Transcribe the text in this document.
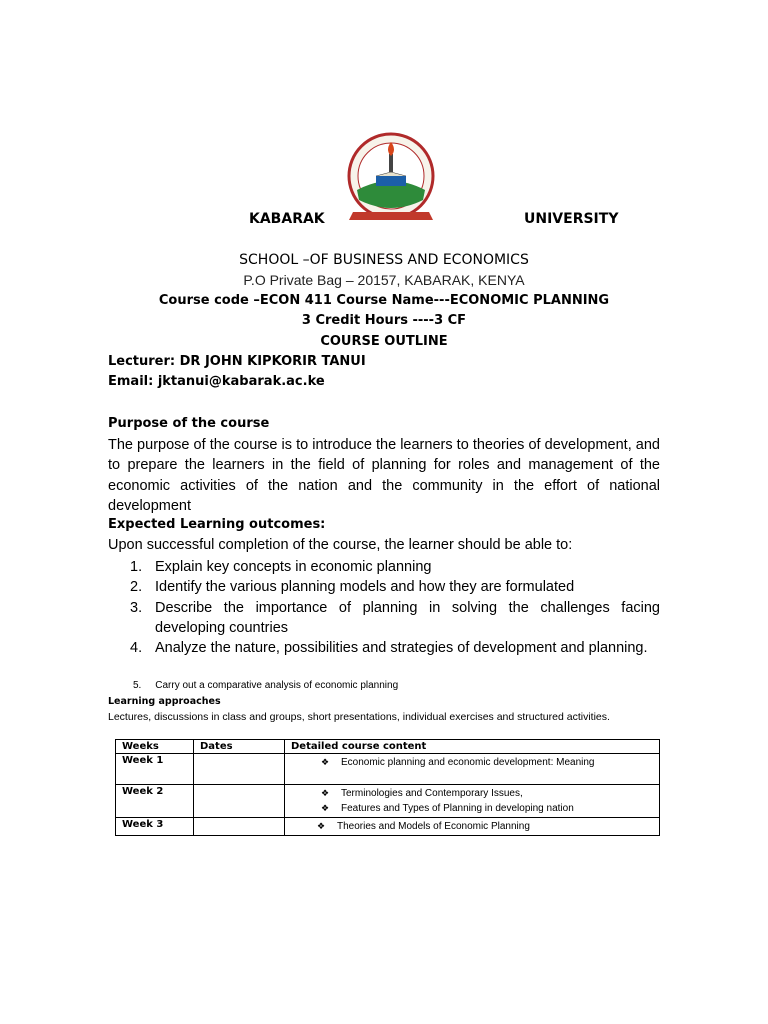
KABARAK	UNIVERSITY
SCHOOL –OF BUSINESS AND ECONOMICS
P.O Private Bag – 20157, KABARAK, KENYA
Course code –ECON 411 Course Name---ECONOMIC PLANNING
3 Credit Hours ----3 CF
COURSE OUTLINE
Lecturer: DR JOHN KIPKORIR TANUI
Email: jktanui@kabarak.ac.ke
Purpose of the course
The purpose of the course is to introduce the learners to theories of development, and to prepare the learners in the field of planning for roles and management of the economic activities of the nation and the community in the effort of national development
Expected Learning outcomes:
Upon successful completion of the course, the learner should be able to:
1. Explain key concepts in economic planning
2. Identify the various planning models and how they are formulated
3. Describe the importance of planning in solving the challenges facing developing countries
4. Analyze the nature, possibilities and strategies of development and planning.
5. Carry out a comparative analysis of economic planning
Learning approaches
Lectures, discussions in class and groups, short presentations, individual exercises and structured activities.
Weeks	Dates	Detailed course content
Week 1		❖ Economic planning and economic development: Meaning

Week 2		❖ Terminologies and Contemporary Issues,
❖ Features and Types of Planning in developing nation

Week 3		❖ Theories and Models of Economic Planning
